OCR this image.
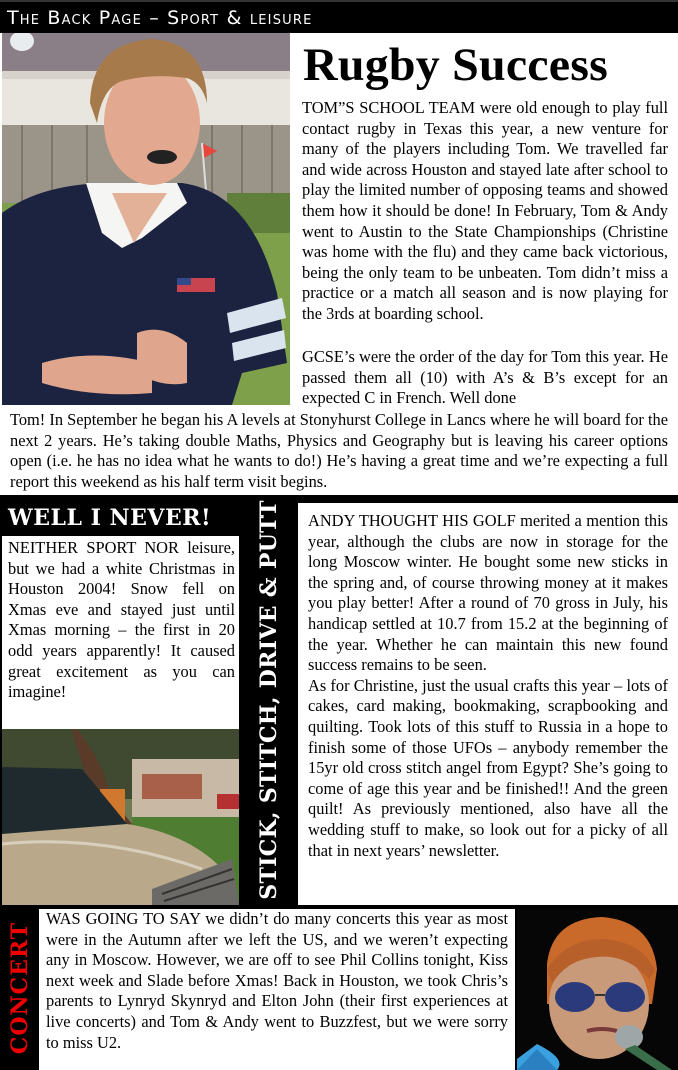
The Back Page – Sport & leisure
Rugby Success
TOM”S SCHOOL TEAM were old enough to play full contact rugby in Texas this year, a new venture for many of the players including Tom. We travelled far and wide across Houston and stayed late after school to play the limited number of opposing teams and showed them how it should be done! In February, Tom & Andy went to Austin to the State Championships (Christine was home with the flu) and they came back victorious, being the only team to be unbeaten. Tom didn’t miss a practice or a match all season and is now playing for the 3rds at boarding school.
GCSE’s were the order of the day for Tom this year. He passed them all (10) with A’s & B’s except for an expected C in French. Well done
Tom! In September he began his A levels at Stonyhurst College in Lancs where he will board for the next 2 years. He’s taking double Maths, Physics and Geography but is leaving his career options open (i.e. he has no idea what he wants to do!) He’s having a great time and we’re expecting a full report this weekend as his half term visit begins.
WELL I NEVER!
NEITHER SPORT NOR leisure, but we had a white Christmas in Houston 2004! Snow fell on Xmas eve and stayed just until Xmas morning – the first in 20 odd years apparently! It caused great excitement as you can imagine!	STICK, STITCH, DRIVE & PUTT	ANDY THOUGHT HIS GOLF merited a mention this year, although the clubs are now in storage for the long Moscow winter. He bought some new sticks in the spring and, of course throwing money at it makes you play better! After a round of 70 gross in July, his handicap settled at 10.7 from 15.2 at the beginning of the year. Whether he can maintain this new found success remains to be seen.
As for Christine, just the usual crafts this year – lots of cakes, card making, bookmaking, scrapbooking and quilting. Took lots of this stuff to Russia in a hope to finish some of those UFOs – anybody remember the 15yr old cross stitch angel from Egypt? She’s going to come of age this year and be finished!! And the green quilt! As previously mentioned, also have all the wedding stuff to make, so look out for a picky of all that in next years’ newsletter.
CONCERT
WAS GOING TO SAY we didn’t do many concerts this year as most were in the Autumn after we left the US, and we weren’t expecting any in Moscow. However, we are off to see Phil Collins tonight, Kiss next week and Slade before Xmas! Back in Houston, we took Chris’s parents to Lynryd Skynryd and Elton John (their first experiences at live concerts) and Tom & Andy went to Buzzfest, but we were sorry to miss U2.
